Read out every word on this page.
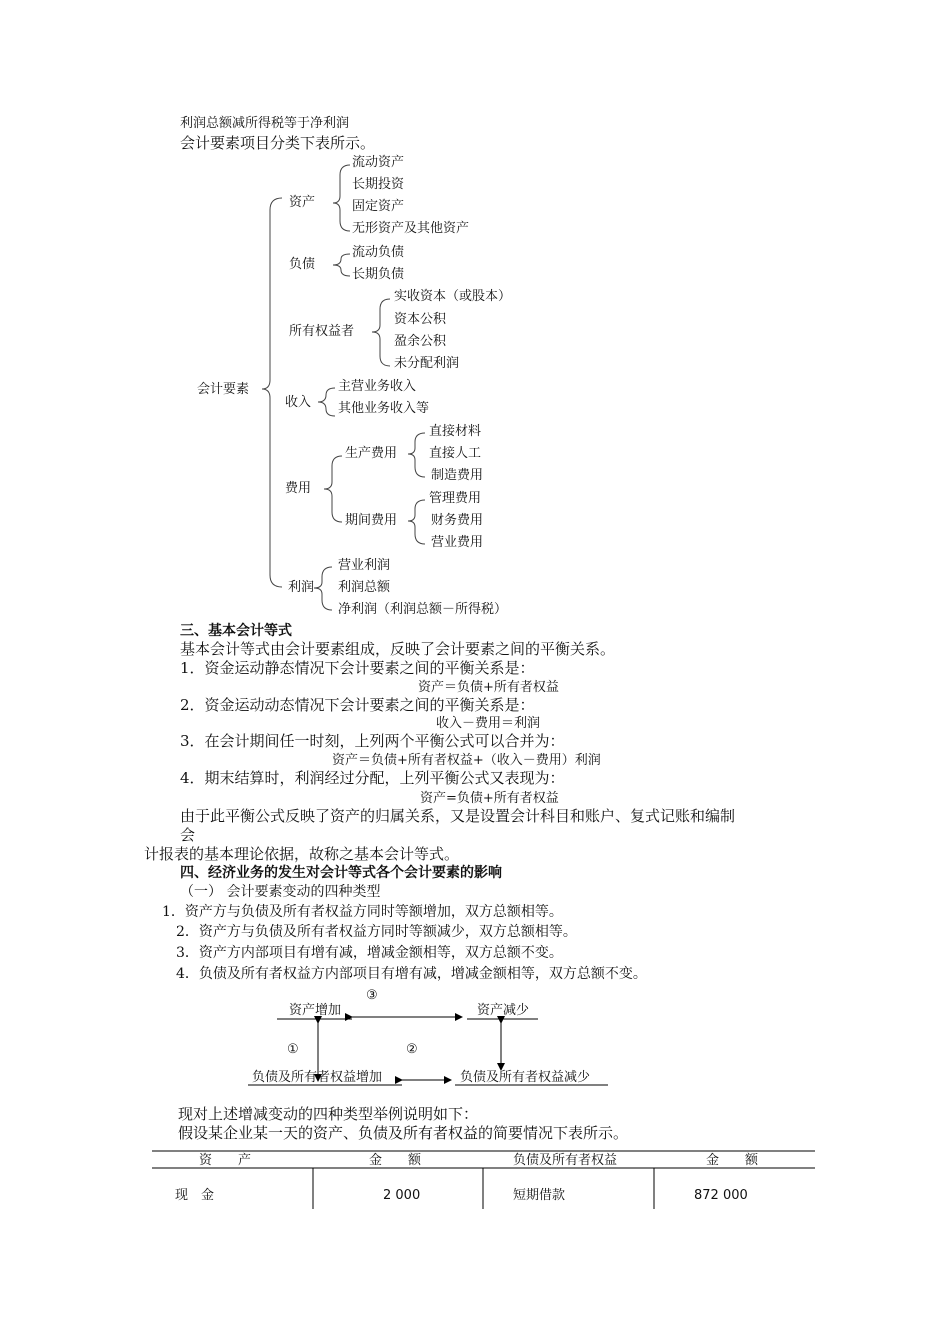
利润总额减所得税等于净利润
会计要素项目分类下表所示。
会计要素
资产
流动资产
长期投资
固定资产
无形资产及其他资产
负债
流动负债
长期负债
所有权益者
实收资本（或股本）
资本公积
盈余公积
未分配利润
收入
主营业务收入
其他业务收入等
费用
生产费用
直接材料
直接人工
制造费用
期间费用
管理费用
财务费用
营业费用
利润
营业利润
利润总额
净利润（利润总额－所得税）
三、基本会计等式
基本会计等式由会计要素组成，反映了会计要素之间的平衡关系。
1．资金运动静态情况下会计要素之间的平衡关系是：
资产＝负债+所有者权益
2．资金运动动态情况下会计要素之间的平衡关系是：
收入－费用＝利润
3．在会计期间任一时刻，上列两个平衡公式可以合并为：
资产＝负债+所有者权益+（收入－费用）利润
4．期末结算时，利润经过分配，上列平衡公式又表现为：
资产=负债+所有者权益
由于此平衡公式反映了资产的归属关系，又是设置会计科目和账户、复式记账和编制
会
计报表的基本理论依据，故称之基本会计等式。
四、经济业务的发生对会计等式各个会计要素的影响
（一） 会计要素变动的四种类型
1．资产方与负债及所有者权益方同时等额增加，双方总额相等。
2．资产方与负债及所有者权益方同时等额减少，双方总额相等。
3．资产方内部项目有增有减，增减金额相等，双方总额不变。
4．负债及所有者权益方内部项目有增有减，增减金额相等，双方总额不变。
③
资产增加	资产减少
①	②
负债及所有者权益增加	负债及所有者权益减少
现对上述增减变动的四种类型举例说明如下：
假设某企业某一天的资产、负债及所有者权益的简要情况下表所示。
资　　产	金　　额	负债及所有者权益	金　　额
现　金	2 000	短期借款	872 000
